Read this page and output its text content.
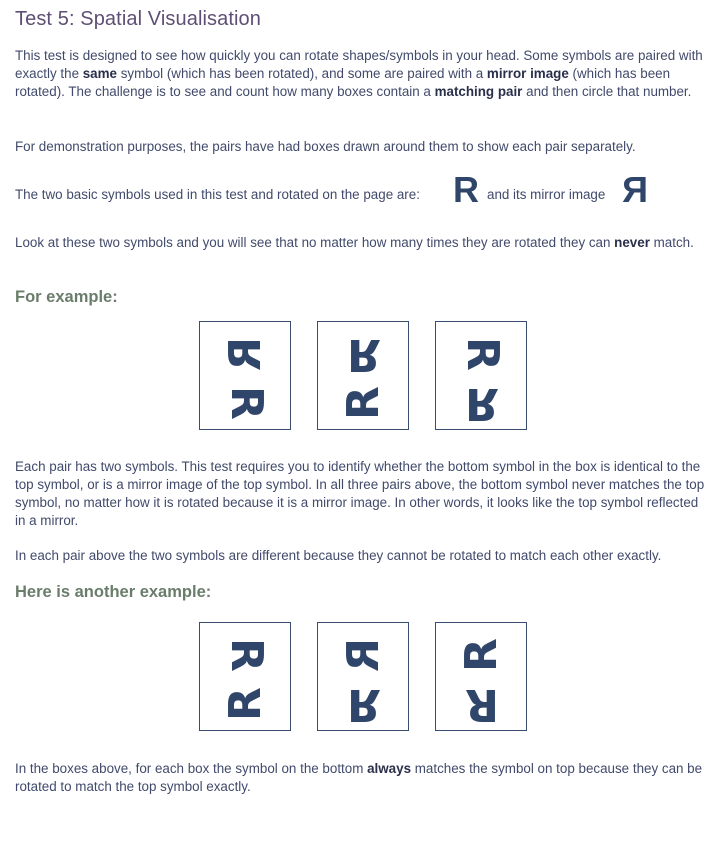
Test 5: Spatial Visualisation

This test is designed to see how quickly you can rotate shapes/symbols in your head. Some symbols are paired with exactly the same symbol (which has been rotated), and some are paired with a mirror image (which has been rotated). The challenge is to see and count how many boxes contain a matching pair and then circle that number.

For demonstration purposes, the pairs have had boxes drawn around them to show each pair separately.

The two basic symbols used in this test and rotated on the page are: R and its mirror image R

Look at these two symbols and you will see that no matter how many times they are rotated they can never match.

For example:

Each pair has two symbols. This test requires you to identify whether the bottom symbol in the box is identical to the top symbol, or is a mirror image of the top symbol. In all three pairs above, the bottom symbol never matches the top symbol, no matter how it is rotated because it is a mirror image. In other words, it looks like the top symbol reflected in a mirror.

In each pair above the two symbols are different because they cannot be rotated to match each other exactly.

Here is another example:

In the boxes above, for each box the symbol on the bottom always matches the symbol on top because they can be rotated to match the top symbol exactly.

R
R
R
R
R
R
R
R
R
R
R
R
